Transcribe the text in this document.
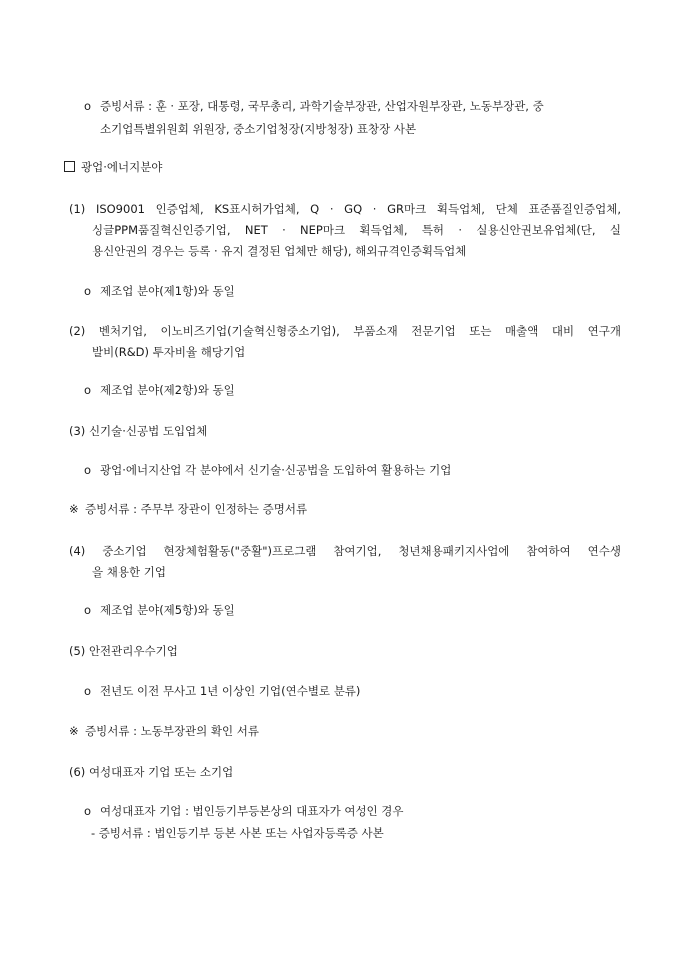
o 증빙서류 : 훈 · 포장, 대통령, 국무총리, 과학기술부장관, 산업자원부장관, 노동부장관, 중
소기업특별위원회 위원장, 중소기업청장(지방청장) 표창장 사본
광업·에너지분야
(1) ISO9001 인증업체, KS표시허가업체, Q · GQ · GR마크 획득업체, 단체 표준품질인증업체,
싱글PPM품질혁신인증기업, NET · NEP마크 획득업체, 특허 · 실용신안권보유업체(단, 실
용신안권의 경우는 등록 · 유지 결정된 업체만 해당), 해외규격인증획득업체
o 제조업 분야(제1항)와 동일
(2) 벤처기업, 이노비즈기업(기술혁신형중소기업), 부품소재 전문기업 또는 매출액 대비 연구개
발비(R&D) 투자비율 해당기업
o 제조업 분야(제2항)와 동일
(3) 신기술·신공법 도입업체
o 광업·에너지산업 각 분야에서 신기술·신공법을 도입하여 활용하는 기업
※ 증빙서류 : 주무부 장관이 인정하는 증명서류
(4) 중소기업 현장체험활동("중활")프로그램 참여기업, 청년채용패키지사업에 참여하여 연수생
을 채용한 기업
o 제조업 분야(제5항)와 동일
(5) 안전관리우수기업
o 전년도 이전 무사고 1년 이상인 기업(연수별로 분류)
※ 증빙서류 : 노동부장관의 확인 서류
(6) 여성대표자 기업 또는 소기업
o 여성대표자 기업 : 법인등기부등본상의 대표자가 여성인 경우
- 증빙서류 : 법인등기부 등본 사본 또는 사업자등록증 사본
